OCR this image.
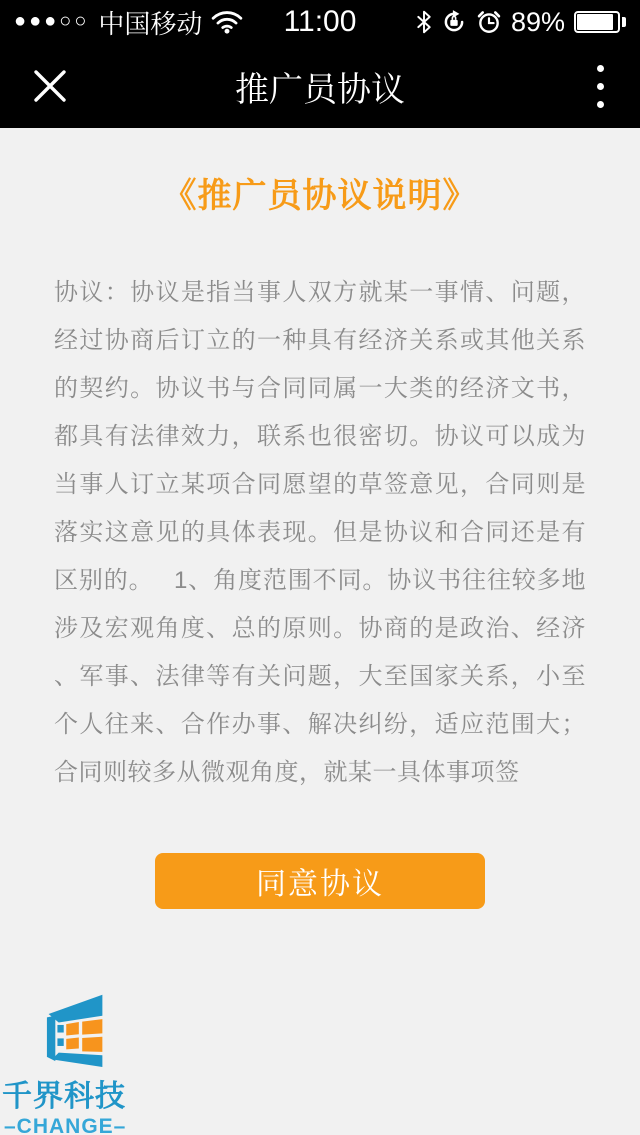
●●●○○ 中国移动	11:00	89%
推广员协议
《推广员协议说明》

协议：协议是指当事人双方就某一事情、问题，经过协商后订立的一种具有经济关系或其他关系的契约。协议书与合同同属一大类的经济文书，都具有法律效力，联系也很密切。协议可以成为当事人订立某项合同愿望的草签意见，合同则是落实这意见的具体表现。但是协议和合同还是有区别的。　 1、角度范围不同。协议书往往较多地涉及宏观角度、总的原则。协商的是政治、经济、军事、法律等有关问题，大至国家关系，小至个人往来、合作办事、解决纠纷，适应范围大；合同则较多从微观角度，就某一具体事项签

同意协议
千界科技
–CHANGE–
